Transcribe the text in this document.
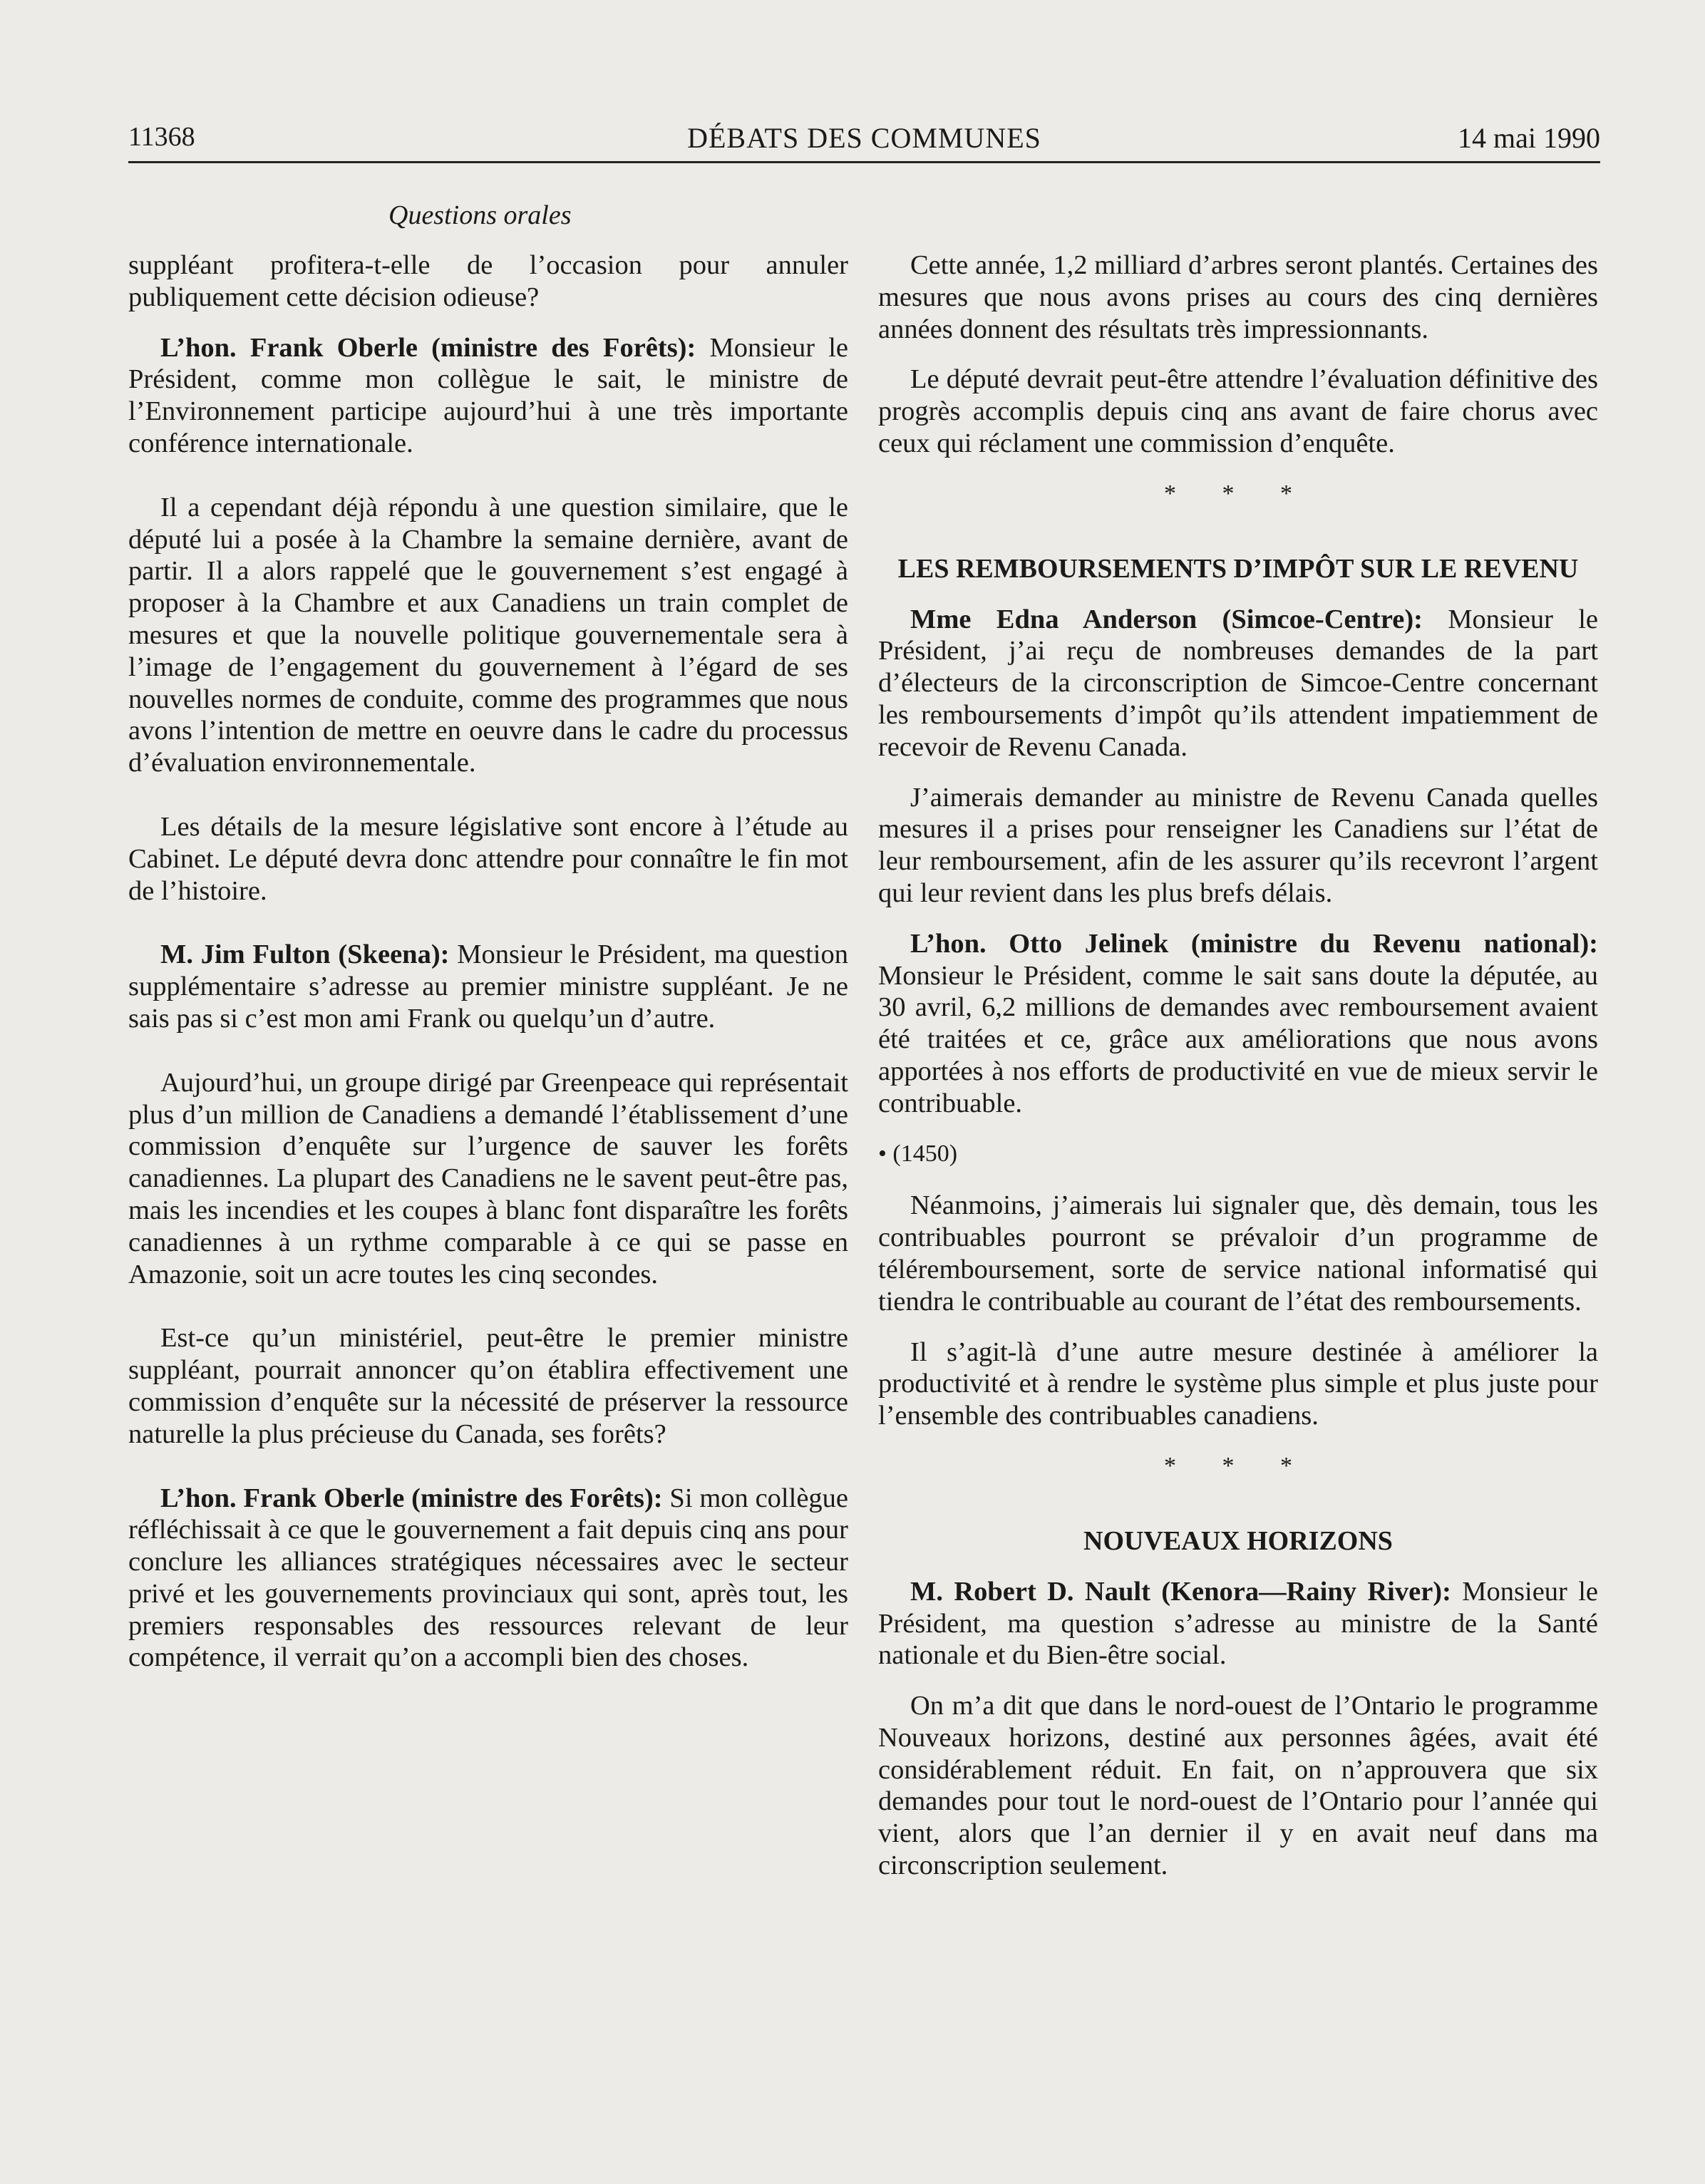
11368	DÉBATS DES COMMUNES	14 mai 1990
Questions orales

suppléant profitera-t-elle de l’occasion pour annuler publiquement cette décision odieuse?

L’hon. Frank Oberle (ministre des Forêts): Monsieur le Président, comme mon collègue le sait, le ministre de l’Environnement participe aujourd’hui à une très importante conférence internationale.

Il a cependant déjà répondu à une question similaire, que le député lui a posée à la Chambre la semaine dernière, avant de partir. Il a alors rappelé que le gouvernement s’est engagé à proposer à la Chambre et aux Canadiens un train complet de mesures et que la nouvelle politique gouvernementale sera à l’image de l’engagement du gouvernement à l’égard de ses nouvelles normes de conduite, comme des programmes que nous avons l’intention de mettre en oeuvre dans le cadre du processus d’évaluation environnementale.

Les détails de la mesure législative sont encore à l’étude au Cabinet. Le député devra donc attendre pour connaître le fin mot de l’histoire.

M. Jim Fulton (Skeena): Monsieur le Président, ma question supplémentaire s’adresse au premier ministre suppléant. Je ne sais pas si c’est mon ami Frank ou quelqu’un d’autre.

Aujourd’hui, un groupe dirigé par Greenpeace qui représentait plus d’un million de Canadiens a demandé l’établissement d’une commission d’enquête sur l’urgence de sauver les forêts canadiennes. La plupart des Canadiens ne le savent peut-être pas, mais les incendies et les coupes à blanc font disparaître les forêts canadiennes à un rythme comparable à ce qui se passe en Amazonie, soit un acre toutes les cinq secondes.

Est-ce qu’un ministériel, peut-être le premier ministre suppléant, pourrait annoncer qu’on établira effectivement une commission d’enquête sur la nécessité de préserver la ressource naturelle la plus précieuse du Canada, ses forêts?

L’hon. Frank Oberle (ministre des Forêts): Si mon collègue réfléchissait à ce que le gouvernement a fait depuis cinq ans pour conclure les alliances stratégiques nécessaires avec le secteur privé et les gouvernements provinciaux qui sont, après tout, les premiers responsables des ressources relevant de leur compétence, il verrait qu’on a accompli bien des choses.

Cette année, 1,2 milliard d’arbres seront plantés. Certaines des mesures que nous avons prises au cours des cinq dernières années donnent des résultats très impressionnants.

Le député devrait peut-être attendre l’évaluation définitive des progrès accomplis depuis cinq ans avant de faire chorus avec ceux qui réclament une commission d’enquête.

* * *
LES REMBOURSEMENTS D’IMPÔT SUR LE REVENU

Mme Edna Anderson (Simcoe-Centre): Monsieur le Président, j’ai reçu de nombreuses demandes de la part d’électeurs de la circonscription de Simcoe-Centre concernant les remboursements d’impôt qu’ils attendent impatiemment de recevoir de Revenu Canada.

J’aimerais demander au ministre de Revenu Canada quelles mesures il a prises pour renseigner les Canadiens sur l’état de leur remboursement, afin de les assurer qu’ils recevront l’argent qui leur revient dans les plus brefs délais.

L’hon. Otto Jelinek (ministre du Revenu national): Monsieur le Président, comme le sait sans doute la députée, au 30 avril, 6,2 millions de demandes avec remboursement avaient été traitées et ce, grâce aux améliorations que nous avons apportées à nos efforts de productivité en vue de mieux servir le contribuable.

• (1450)

Néanmoins, j’aimerais lui signaler que, dès demain, tous les contribuables pourront se prévaloir d’un programme de téléremboursement, sorte de service national informatisé qui tiendra le contribuable au courant de l’état des remboursements.

Il s’agit-là d’une autre mesure destinée à améliorer la productivité et à rendre le système plus simple et plus juste pour l’ensemble des contribuables canadiens.

* * *
NOUVEAUX HORIZONS

M. Robert D. Nault (Kenora—Rainy River): Monsieur le Président, ma question s’adresse au ministre de la Santé nationale et du Bien-être social.

On m’a dit que dans le nord-ouest de l’Ontario le programme Nouveaux horizons, destiné aux personnes âgées, avait été considérablement réduit. En fait, on n’approuvera que six demandes pour tout le nord-ouest de l’Ontario pour l’année qui vient, alors que l’an dernier il y en avait neuf dans ma circonscription seulement.
